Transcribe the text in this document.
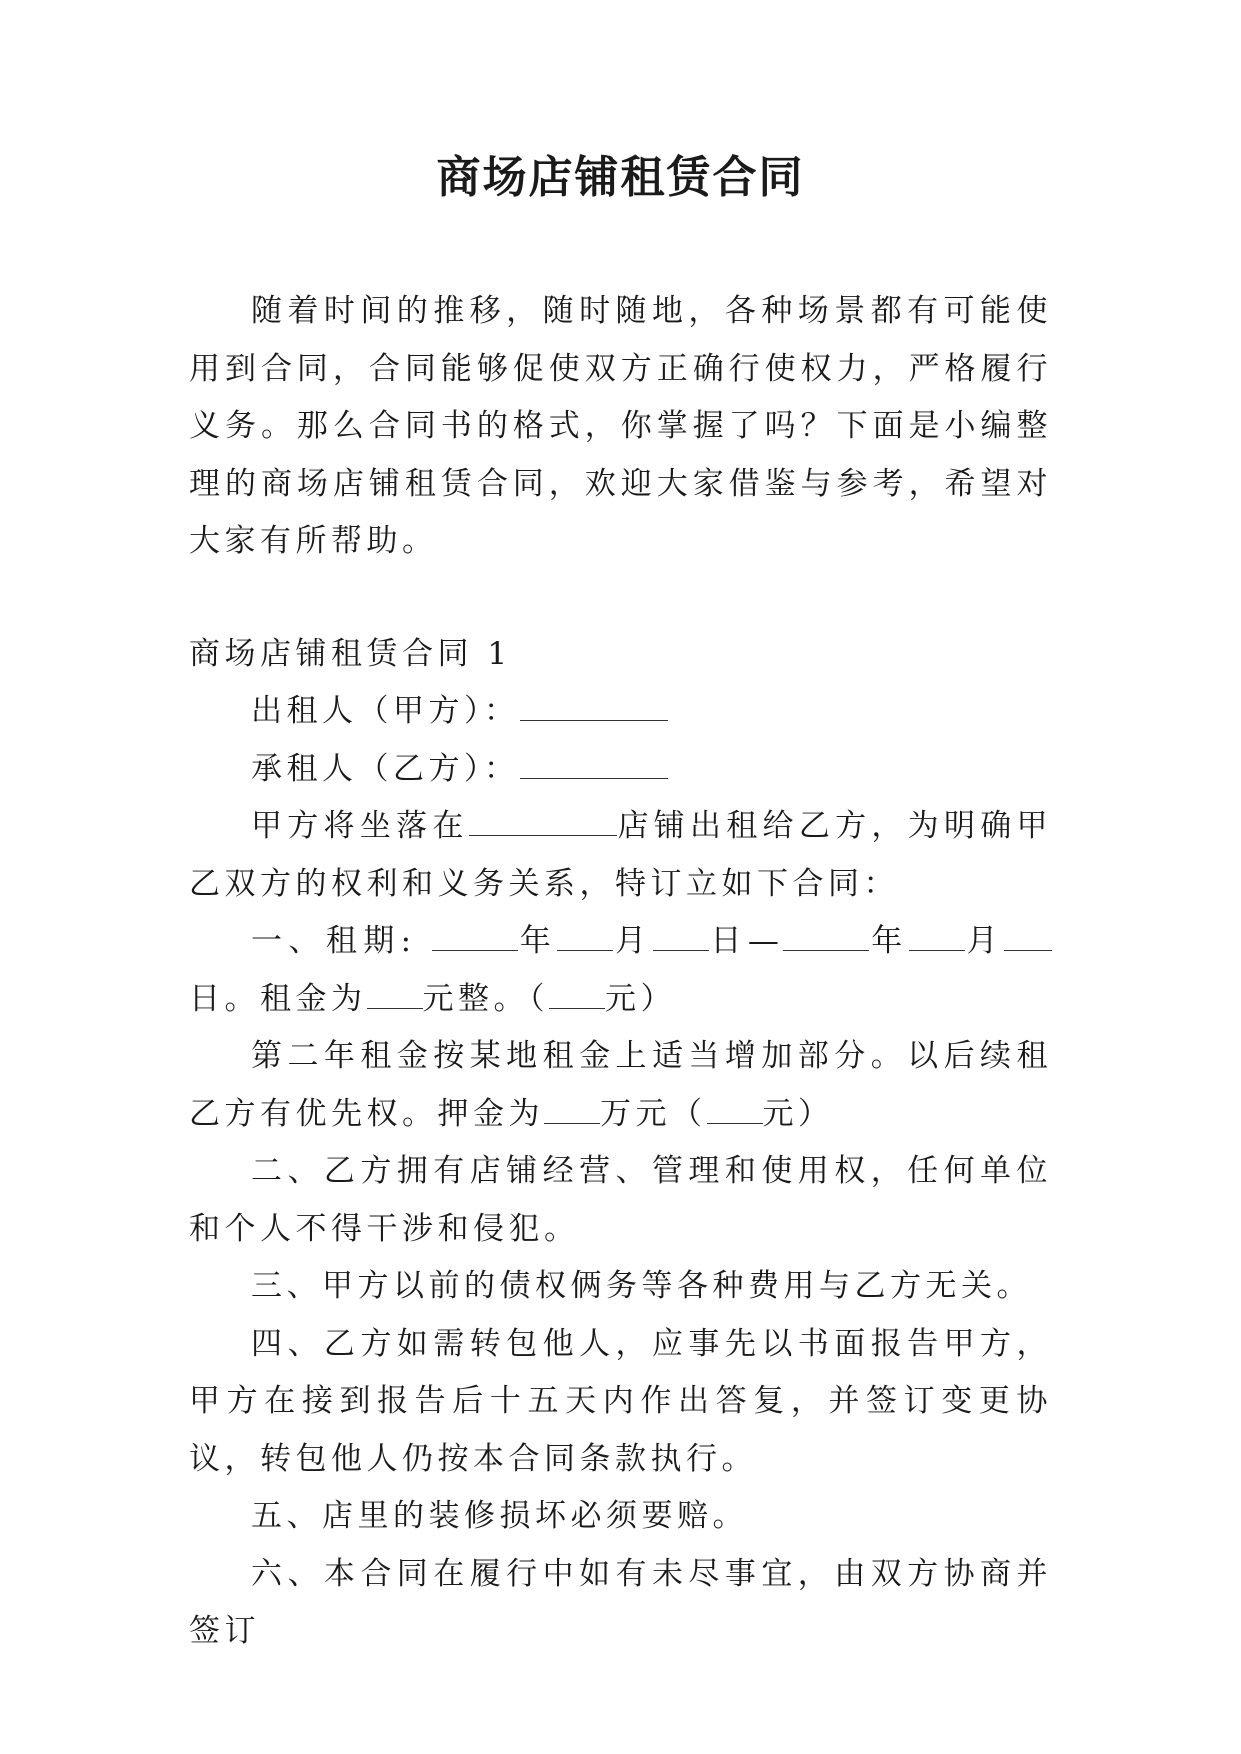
商场店铺租赁合同

随着时间的推移，随时随地，各种场景都有可能使用到合同，合同能够促使双方正确行使权力，严格履行义务。那么合同书的格式，你掌握了吗？下面是小编整理的商场店铺租赁合同，欢迎大家借鉴与参考，希望对大家有所帮助。

商场店铺租赁合同 1

出租人（甲方）：

承租人（乙方）：

甲方将坐落在	店铺出租给乙方，为明确甲乙双方的权利和义务关系，特订立如下合同：

一、租期:	年 月 日—	年 月日。租金为 元整。（ 元）

第二年租金按某地租金上适当增加部分。以后续租乙方有优先权。押金为 万元（ 元）

二、乙方拥有店铺经营、管理和使用权，任何单位和个人不得干涉和侵犯。

三、甲方以前的债权俩务等各种费用与乙方无关。

四、乙方如需转包他人，应事先以书面报告甲方，甲方在接到报告后十五天内作出答复，并签订变更协议，转包他人仍按本合同条款执行。

五、店里的装修损坏必须要赔。

六、本合同在履行中如有未尽事宜，由双方协商并签订
